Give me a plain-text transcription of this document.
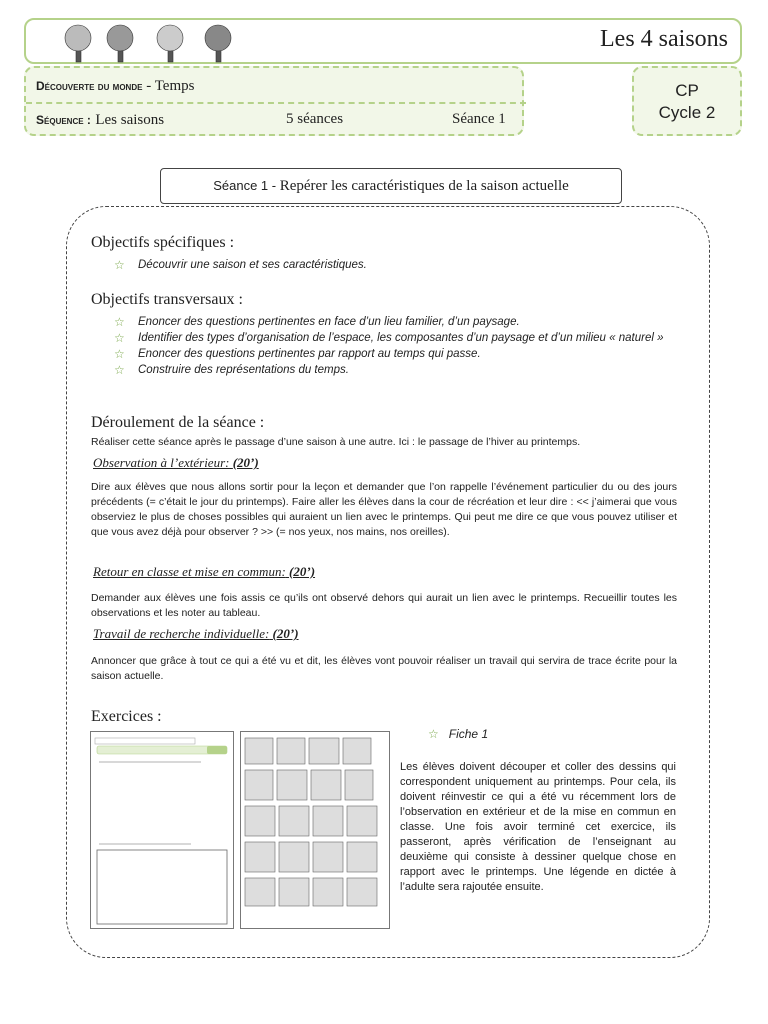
Les 4 saisons
Découverte du monde - Temps
Séquence : Les saisons	5 séances	Séance 1
CP
Cycle 2
Séance 1 - Repérer les caractéristiques de la saison actuelle
Objectifs spécifiques :
☆ Découvrir une saison et ses caractéristiques.
Objectifs transversaux :
☆ Enoncer des questions pertinentes en face d’un lieu familier, d’un paysage.
☆ Identifier des types d’organisation de l’espace, les composantes d’un paysage et d’un milieu « naturel »
☆ Enoncer des questions pertinentes par rapport au temps qui passe.
☆ Construire des représentations du temps.
Déroulement de la séance :
Réaliser cette séance après le passage d’une saison à une autre. Ici : le passage de l’hiver au printemps.
Observation à l’extérieur: (20’)
Dire aux élèves que nous allons sortir pour la leçon et demander que l’on rappelle l’événement particulier du ou des jours précédents (= c’était le jour du printemps). Faire aller les élèves dans la cour de récréation et leur dire : << j’aimerai que vous observiez le plus de choses possibles qui auraient un lien avec le printemps. Qui peut me dire ce que vous pouvez utiliser et que vous avez déjà pour observer ? >> (= nos yeux, nos mains, nos oreilles).
Retour en classe et mise en commun: (20’)
Demander aux élèves une fois assis ce qu’ils ont observé dehors qui aurait un lien avec le printemps. Recueillir toutes les observations et les noter au tableau.
Travail de recherche individuelle: (20’)
Annoncer que grâce à tout ce qui a été vu et dit, les élèves vont pouvoir réaliser un travail qui servira de trace écrite pour la saison actuelle.
Exercices :
☆ Fiche 1
Les élèves doivent découper et coller des dessins qui correspondent uniquement au printemps. Pour cela, ils doivent réinvestir ce qui a été vu récemment lors de l’observation en extérieur et de la mise en commun en classe. Une fois avoir terminé cet exercice, ils passeront, après vérification de l’enseignant au deuxième qui consiste à dessiner quelque chose en rapport avec le printemps. Une légende en dictée à l’adulte sera rajoutée ensuite.
